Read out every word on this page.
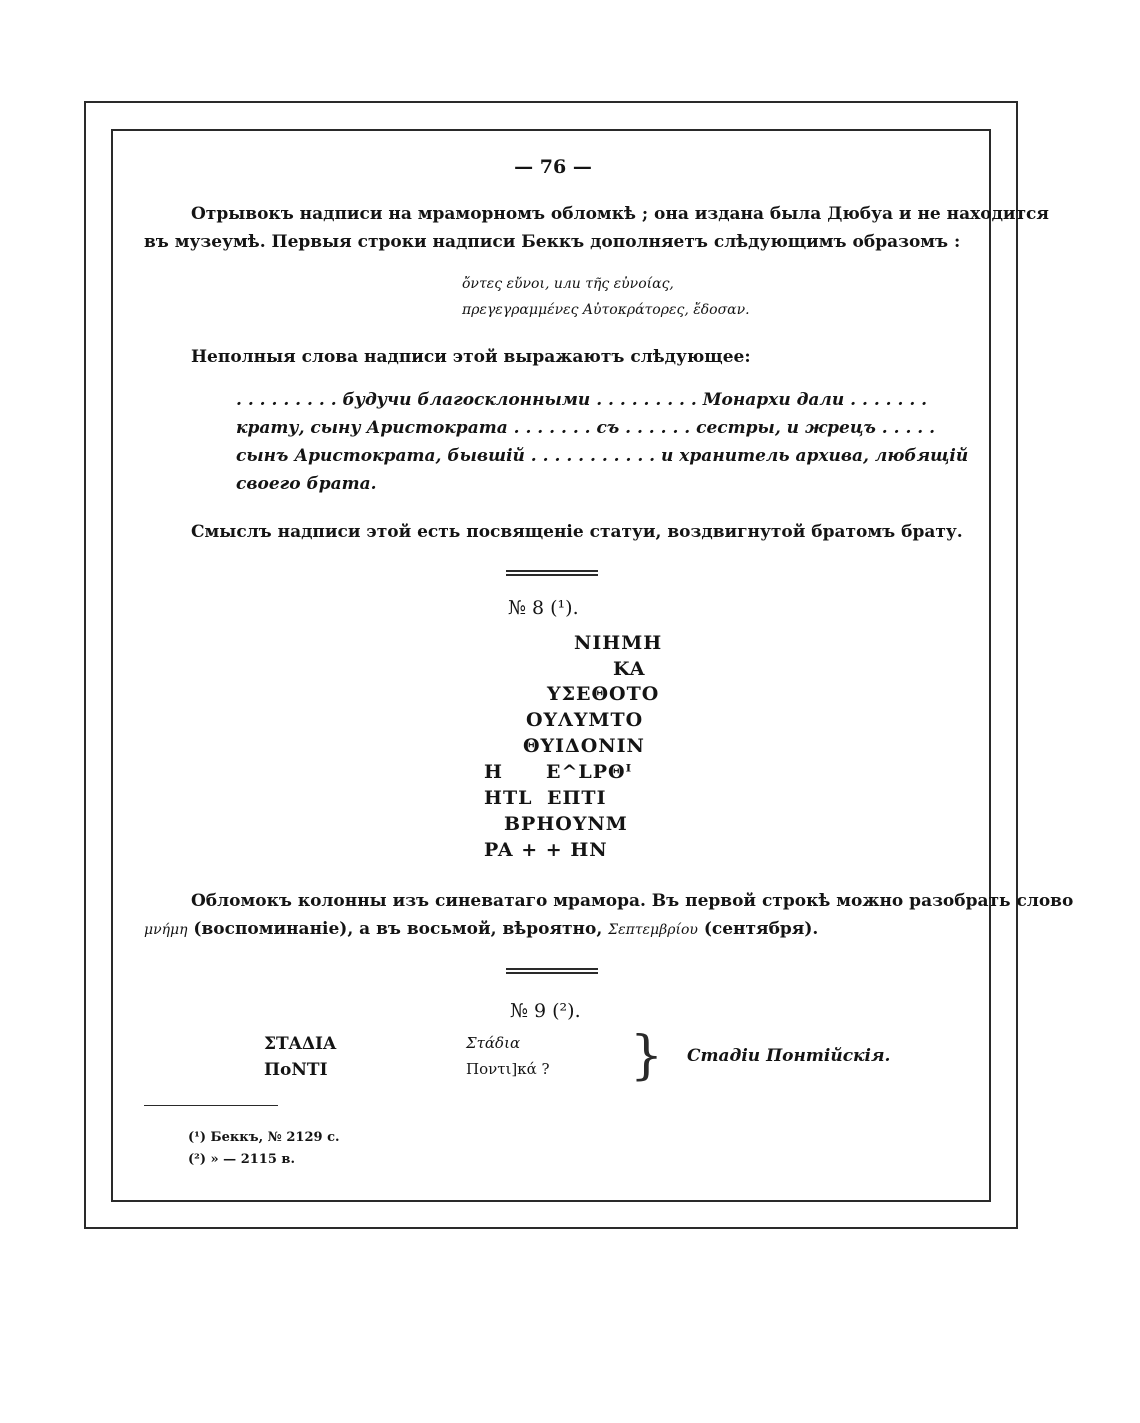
— 76 —
Отрывокъ надписи на мраморномъ обломкѣ ; она издана была Дюбуа и не находится
въ музеумѣ. Первыя строки надписи Беккъ дополняетъ слѣдующимъ образомъ :
ὄντες εὔνοι, или τῆς εὐνοίας,
πρεγεγραμμένες Αὐτοκράτορες, ἔδοσαν.
Неполныя слова надписи этой выражаютъ слѣдующее:
. . . . . . . . . будучи благосклонными . . . . . . . . . Монархи дали . . . . . . .
крату, сыну Аристократа . . . . . . . съ . . . . . . сестры, и жрецъ . . . . .
сынъ Аристократа, бывшій . . . . . . . . . . . и хранитель архива, любящій
своего брата.
Смыслъ надписи этой есть посвященіе статуи, воздвигнутой братомъ брату.
№ 8 (¹).
NIHMH
KA
ΥΣΕΘΟΤΟ
ΟΥΛΥΜΤΟ
ΘΥΙΔΟΝΙΝ
H E^LPΘᴵ
HTL ΕΠΤΙ
BPHOYNM
PA + + HN
Обломокъ колонны изъ синеватаго мрамора. Въ первой строкѣ можно разобрать слово
μνήμη (воспоминаніе), а въ восьмой, вѣроятно, Σεπτεμβρίου (сентября).
№ 9 (²).
ΣΤΑΔΙΑ
ΠοΝΤΙ
Στάδια
Ποντι]κά ? } Стадіи Понтійскія.
(¹) Беккъ, № 2129 с.
(²) » — 2115 в.
